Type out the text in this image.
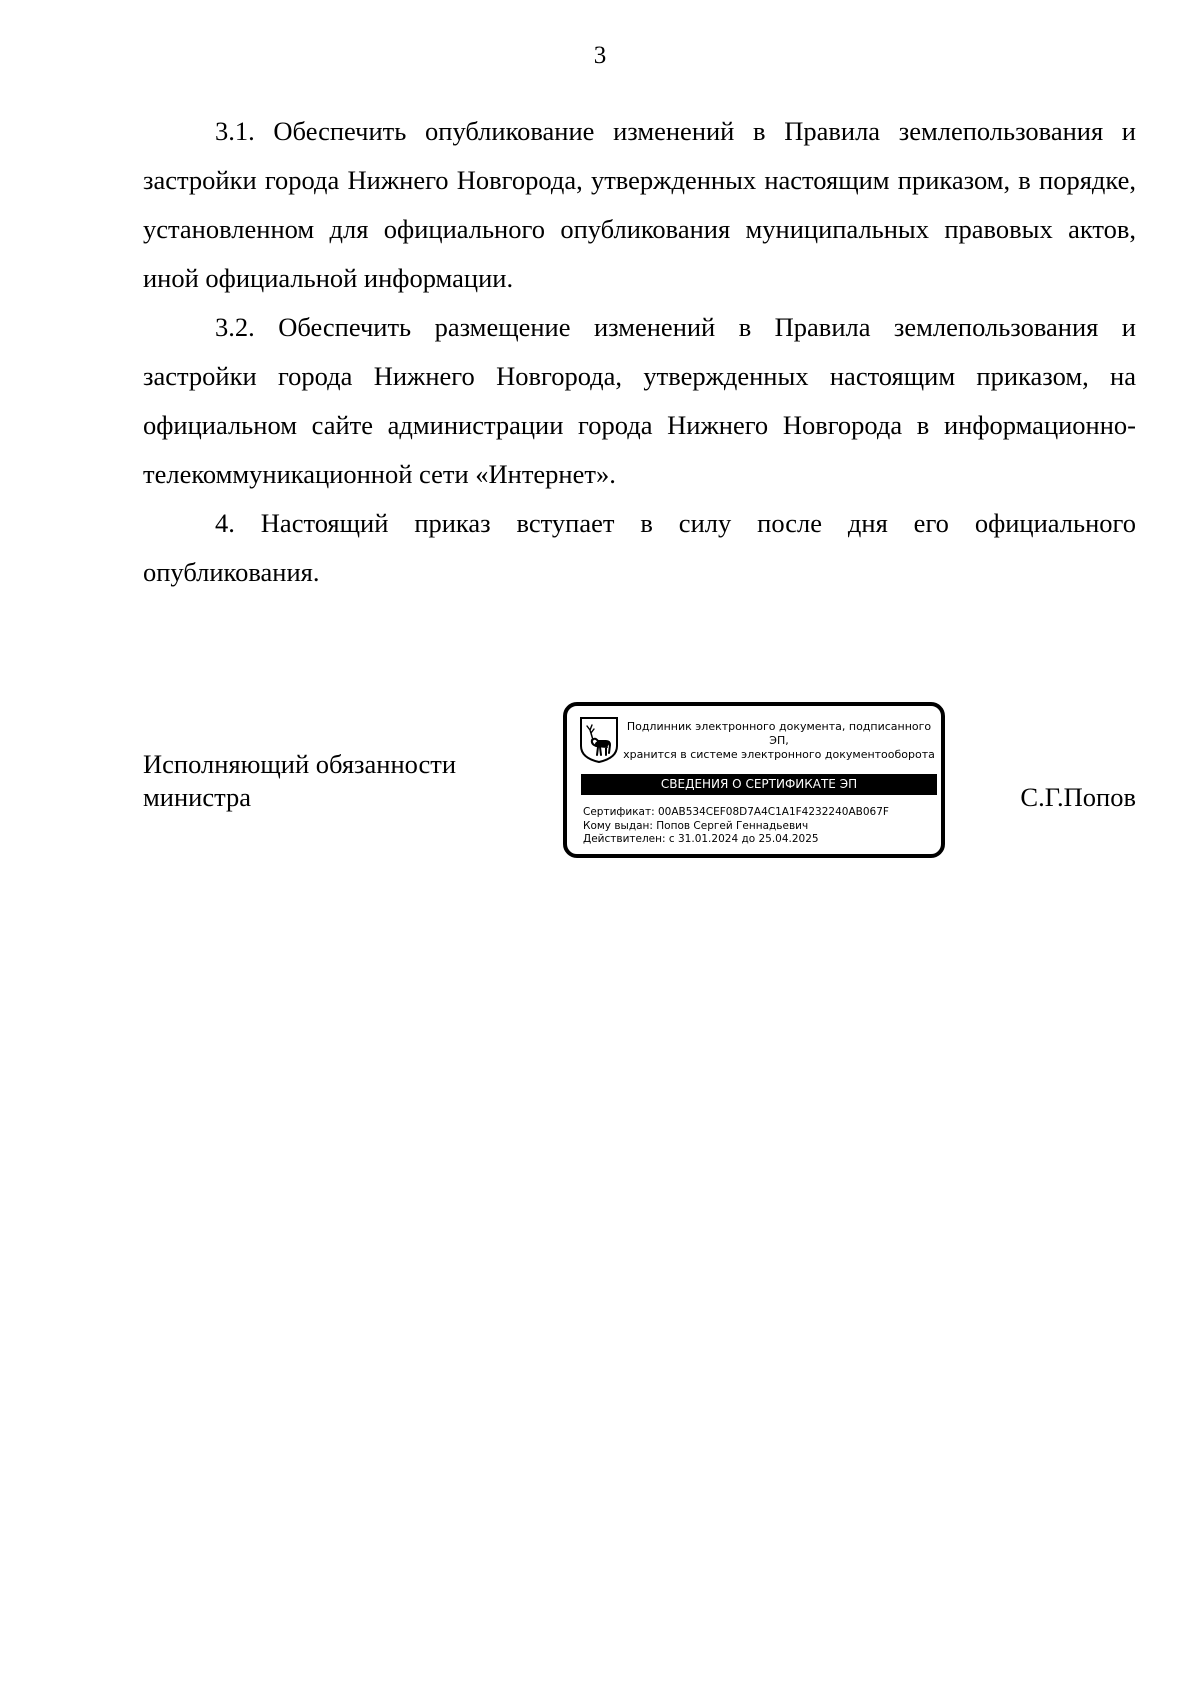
3

3.1. Обеспечить опубликование изменений в Правила землепользования и застройки города Нижнего Новгорода, утвержденных настоящим приказом, в порядке, установленном для официального опубликования муниципальных правовых актов, иной официальной информации.

3.2. Обеспечить размещение изменений в Правила землепользования и застройки города Нижнего Новгорода, утвержденных настоящим приказом, на официальном сайте администрации города Нижнего Новгорода в информационно-телекоммуникационной сети «Интернет».

4. Настоящий приказ вступает в силу после дня его официального опубликования.

Исполняющий обязанности
министра
Подлинник электронного документа, подписанного ЭП,
хранится в системе электронного документооборота
СВЕДЕНИЯ О СЕРТИФИКАТЕ ЭП
Сертификат: 00AB534CEF08D7A4C1A1F4232240AB067F
Кому выдан: Попов Сергей Геннадьевич
Действителен: с 31.01.2024 до 25.04.2025
С.Г.Попов
